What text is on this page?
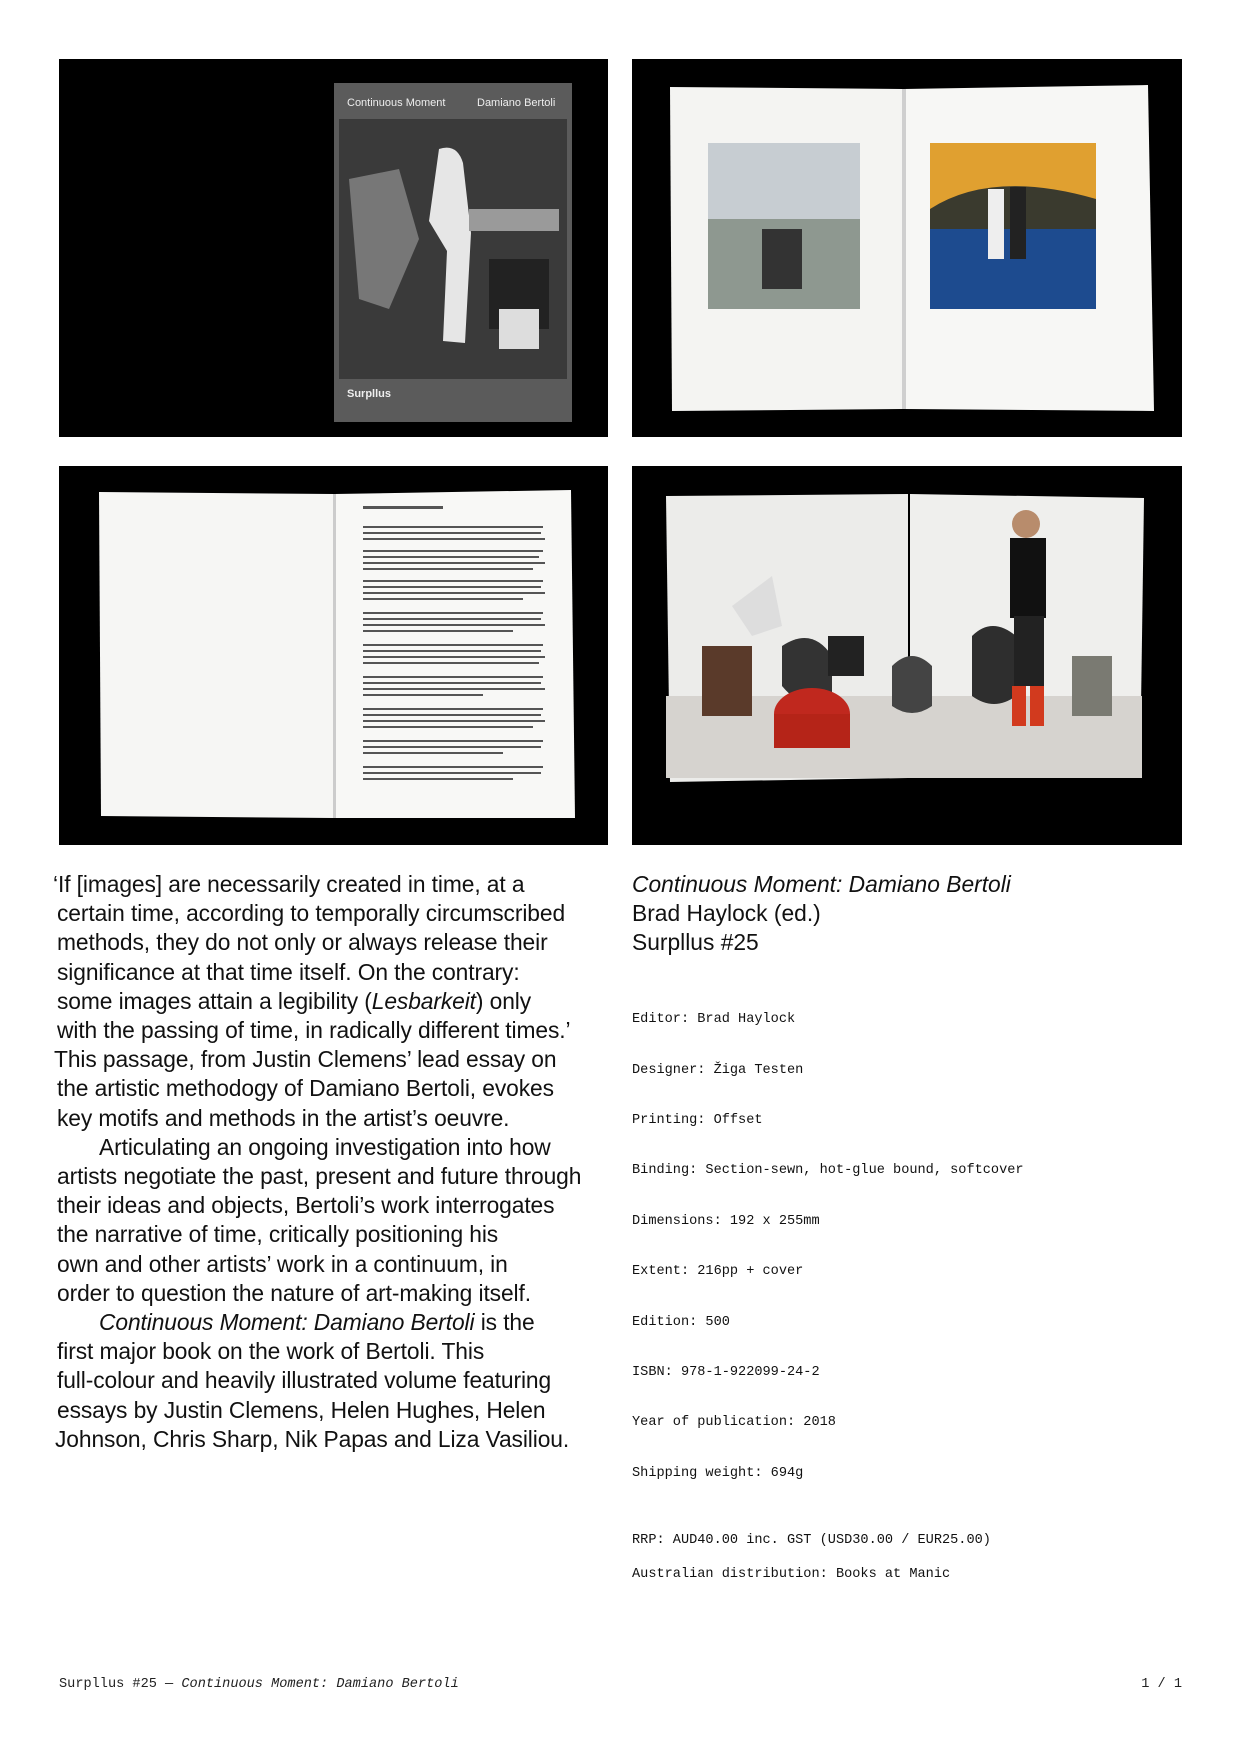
Continuous Moment	Damiano Bertoli
Surpllus

‘If [images] are necessarily created in time, at a
certain time, according to temporally circumscribed
methods, they do not only or always release their
significance at that time itself. On the contrary:
some images attain a legibility (Lesbarkeit) only
with the passing of time, in radically different times.’
This passage, from Justin Clemens’ lead essay on
the artistic methodogy of Damiano Bertoli, evokes
key motifs and methods in the artist’s oeuvre.

Articulating an ongoing investigation into how
artists negotiate the past, present and future through
their ideas and objects, Bertoli’s work interrogates
the narrative of time, critically positioning his
own and other artists’ work in a continuum, in
order to question the nature of art-making itself.

Continuous Moment: Damiano Bertoli is the
first major book on the work of Bertoli. This
full-colour and heavily illustrated volume featuring
essays by Justin Clemens, Helen Hughes, Helen
Johnson, Chris Sharp, Nik Papas and Liza Vasiliou.

Continuous Moment: Damiano Bertoli
Brad Haylock (ed.)
Surpllus #25

Editor: Brad Haylock

Designer: Žiga Testen

Printing: Offset

Binding: Section-sewn, hot-glue bound, softcover

Dimensions: 192 x 255mm

Extent: 216pp + cover

Edition: 500

ISBN: 978-1-922099-24-2

Year of publication: 2018

Shipping weight: 694g

RRP: AUD40.00 inc. GST (USD30.00 / EUR25.00)
Australian distribution: Books at Manic
Surpllus #25 — Continuous Moment: Damiano Bertoli	1 / 1
